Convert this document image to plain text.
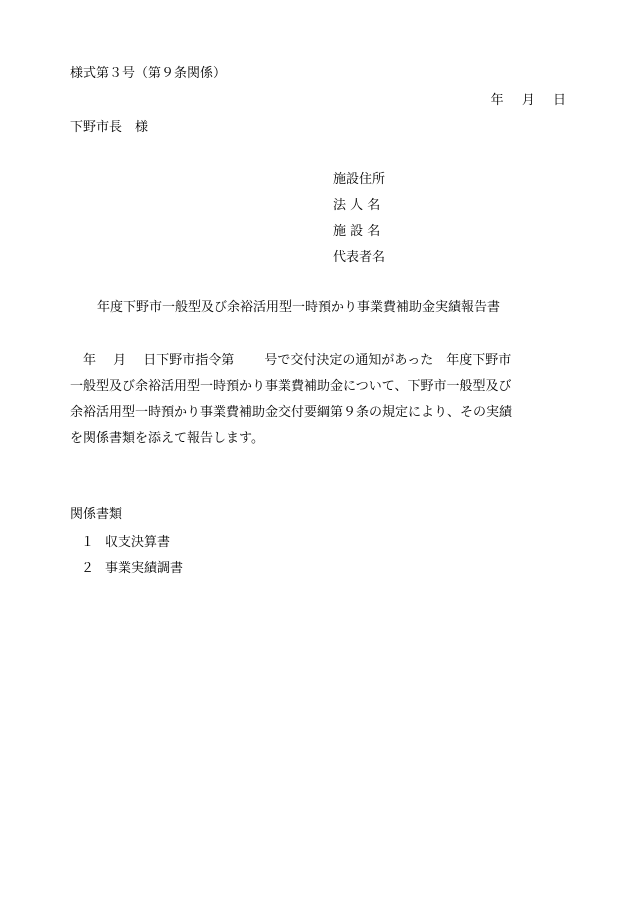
様式第３号（第９条関係）
年 月 日
下野市長　様
施設住所
法 人 名
施 設 名
代表者名
年度下野市一般型及び余裕活用型一時預かり事業費補助金実績報告書
　年　 月　 日下野市指令第　　 号で交付決定の通知があった　年度下野市
一般型及び余裕活用型一時預かり事業費補助金について、下野市一般型及び
余裕活用型一時預かり事業費補助金交付要綱第９条の規定により、その実績
を関係書類を添えて報告します。
関係書類
１ 収支決算書
２ 事業実績調書
